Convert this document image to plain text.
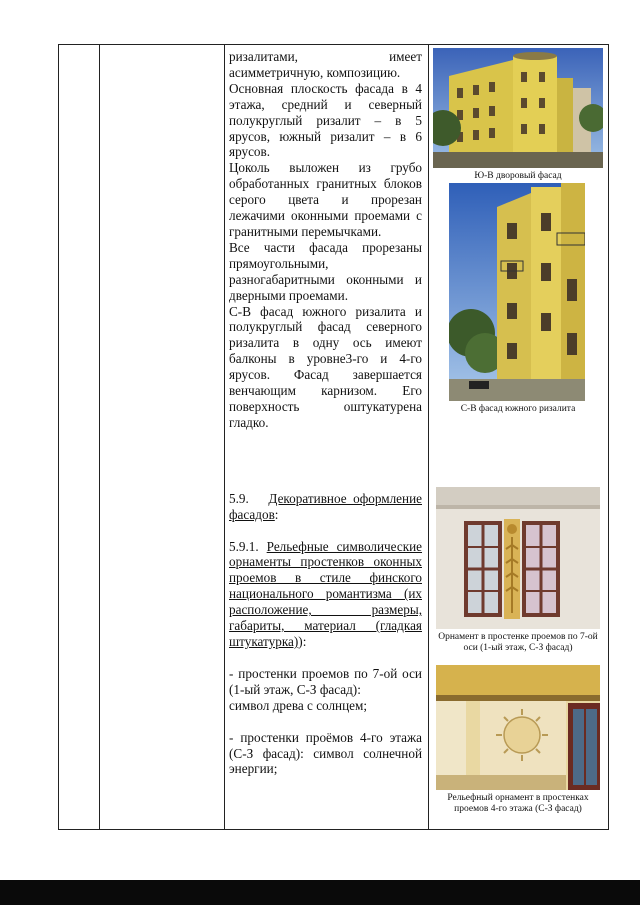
ризалитами, имеет асимметричную, композицию.

Основная плоскость фасада в 4 этажа, средний и северный полукруглый ризалит – в 5 ярусов, южный ризалит – в 6 ярусов.

Цоколь выложен из грубо обработанных гранитных блоков серого цвета и прорезан лежачими оконными проемами с гранитными перемычками.

Все части фасада прорезаны прямоугольными, разногабаритными оконными и дверными проемами.

С-В фасад южного ризалита и полукруглый фасад северного ризалита в одну ось имеют балконы в уровне3-го и 4-го ярусов. Фасад завершается венчающим карнизом. Его поверхность оштукатурена гладко.

5.9. Декоративное оформление фасадов:

5.9.1. Рельефные символические орнаменты простенков оконных проемов в стиле финского национального романтизма (их расположение, размеры, габариты, материал (гладкая штукатурка)):

- простенки проемов по 7-ой оси (1-ый этаж, С-З фасад):

символ древа с солнцем;

- простенки проёмов 4-го этажа (С-З фасад): символ солнечной энергии;

Ю-В дворовый фасад
С-В фасад южного ризалита
Орнамент в простенке проемов по 7-ой оси (1-ый этаж, С-З фасад)
Рельефный орнамент в простенках проемов 4-го этажа (С-З фасад)
